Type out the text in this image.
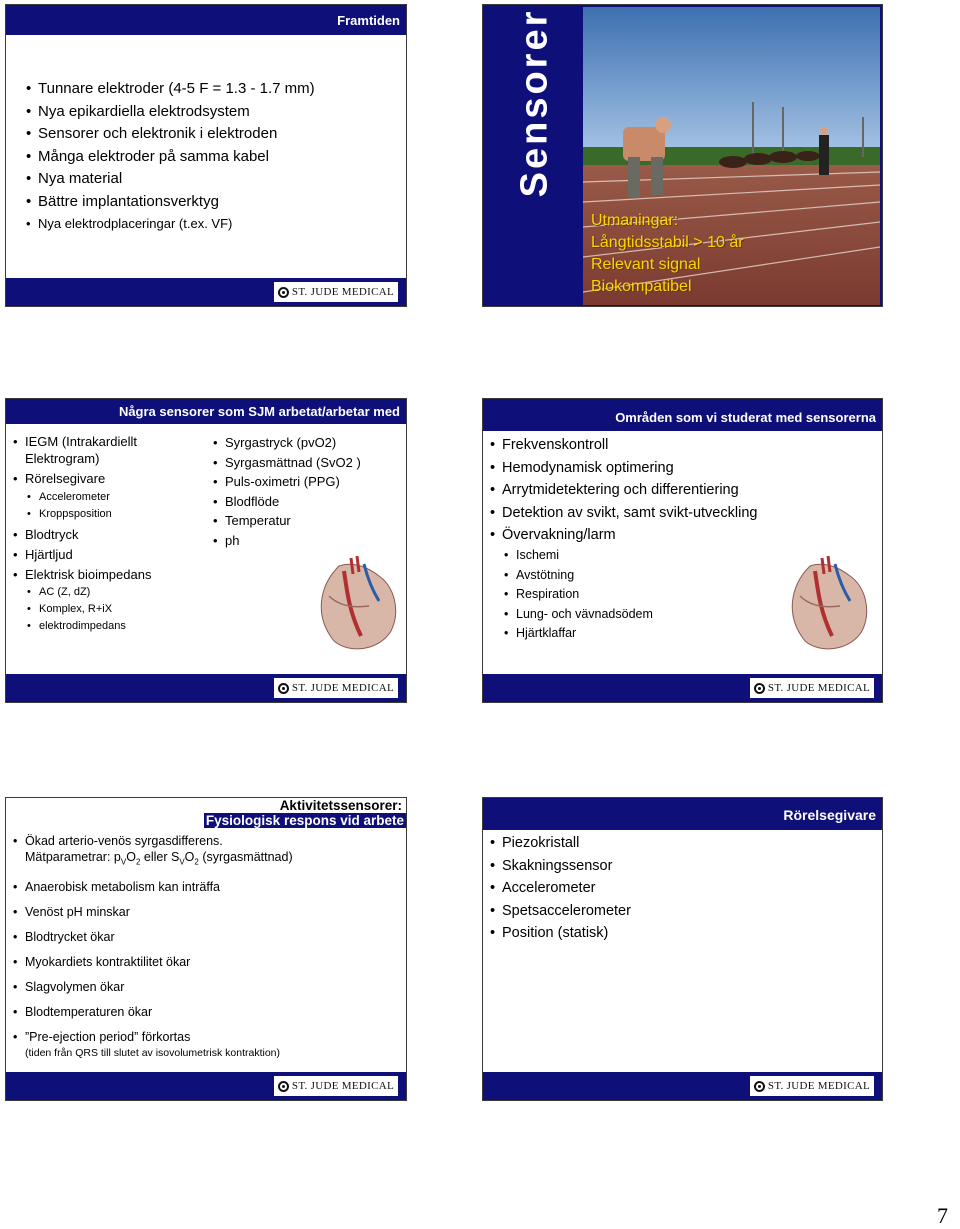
Framtiden
• Tunnare elektroder (4-5 F = 1.3 - 1.7 mm)
• Nya epikardiella elektrodsystem
• Sensorer och elektronik i elektroden
• Många elektroder på samma kabel
• Nya material
• Bättre implantationsverktyg
• Nya elektrodplaceringar (t.ex. VF)
ST. JUDE MEDICAL
Sensorer
Utmaningar:
Långtidsstabil > 10 år
Relevant signal
Biokompatibel
Några sensorer som SJM arbetat/arbetar med
• IEGM (Intrakardiellt
Elektrogram)
• Rörelsegivare
• Accelerometer
• Kroppsposition
• Blodtryck
• Hjärtljud
• Elektrisk bioimpedans
• AC (Z, dZ)
• Komplex, R+iX
• elektrodimpedans
• Syrgastryck (pvO2)
• Syrgasmättnad (SvO2 )
• Puls-oximetri (PPG)
• Blodflöde
• Temperatur
• ph
ST. JUDE MEDICAL
Områden som vi studerat med sensorerna
• Frekvenskontroll
• Hemodynamisk optimering
• Arrytmidetektering och differentiering
• Detektion av svikt, samt svikt-utveckling
• Övervakning/larm
• Ischemi
• Avstötning
• Respiration
• Lung- och vävnadsödem
• Hjärtklaffar
ST. JUDE MEDICAL
Aktivitetssensorer:
Fysiologisk respons vid arbete
• Ökad arterio-venös syrgasdifferens.
Mätparametrar: $p_VO_2$ eller $S_VO_2$ (syrgasmättnad)
• Anaerobisk metabolism kan inträffa
• Venöst pH minskar
• Blodtrycket ökar
• Myokardiets kontraktilitet ökar
• Slagvolymen ökar
• Blodtemperaturen ökar
• ”Pre-ejection period” förkortas
(tiden från QRS till slutet av isovolumetrisk kontraktion)
ST. JUDE MEDICAL
Rörelsegivare
• Piezokristall
• Skakningssensor
• Accelerometer
• Spetsaccelerometer
• Position (statisk)
ST. JUDE MEDICAL
7
